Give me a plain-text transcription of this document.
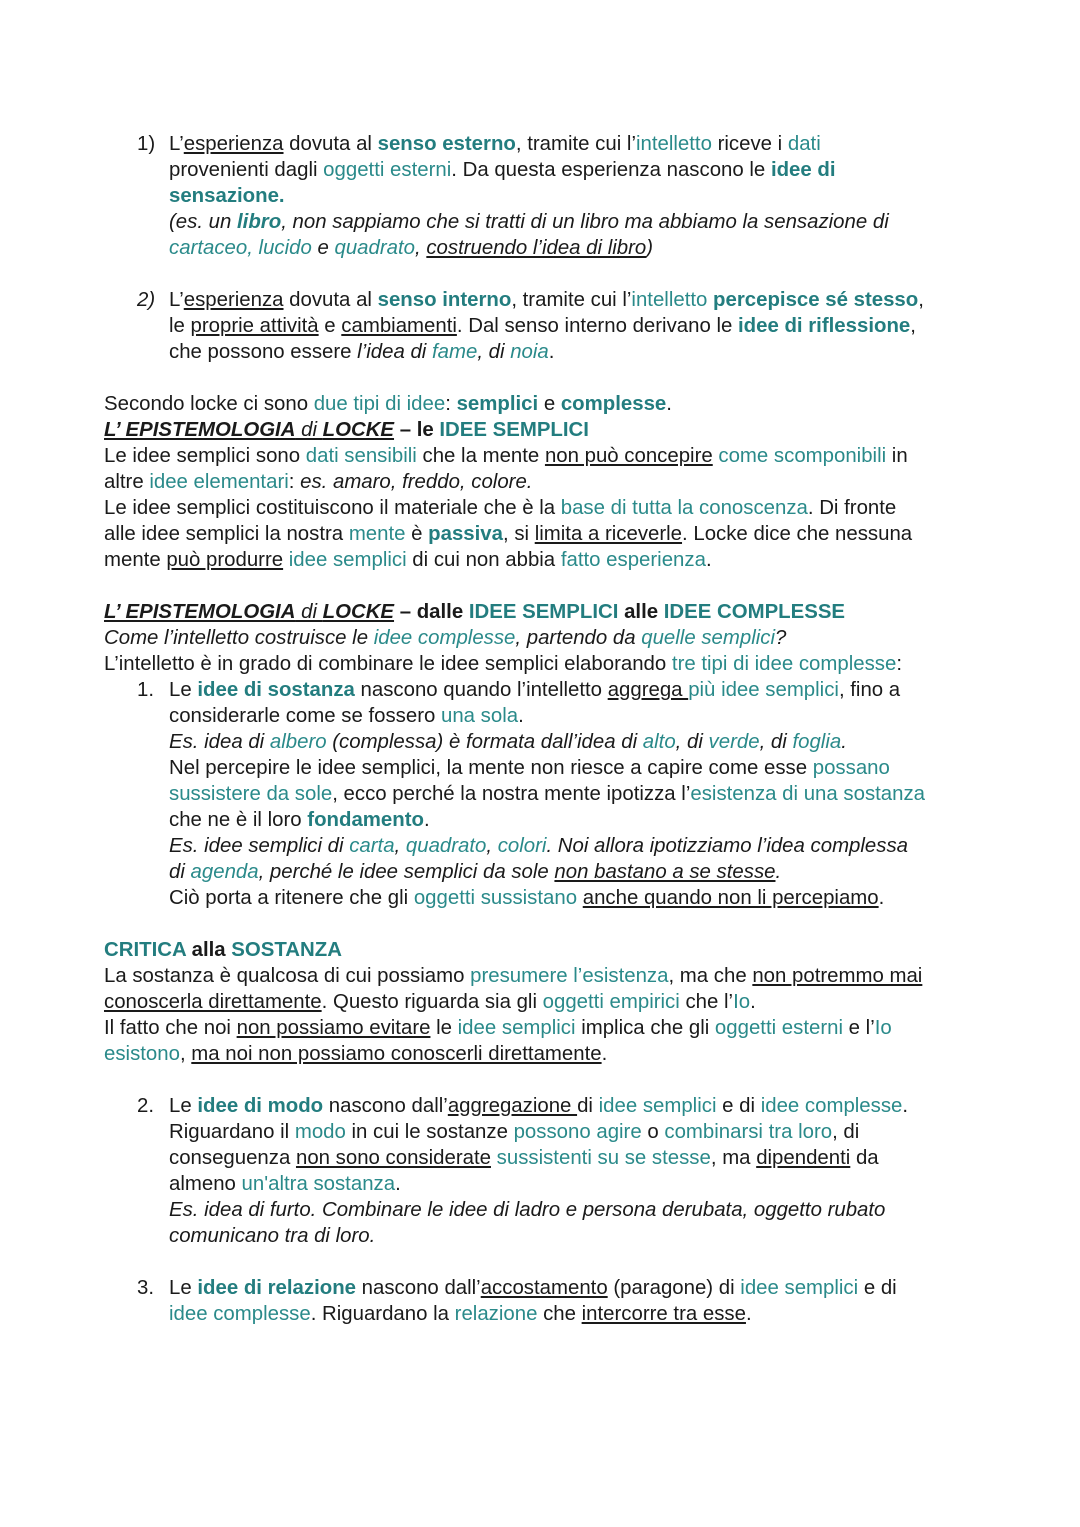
1) L’esperienza dovuta al senso esterno, tramite cui l’intelletto riceve i dati

provenienti dagli oggetti esterni. Da questa esperienza nascono le idee di

sensazione.

(es. un libro, non sappiamo che si tratti di un libro ma abbiamo la sensazione di

cartaceo, lucido e quadrato, costruendo l’idea di libro)

2) L’esperienza dovuta al senso interno, tramite cui l’intelletto percepisce sé stesso,

le proprie attività e cambiamenti. Dal senso interno derivano le idee di riflessione,

che possono essere l’idea di fame, di noia.

Secondo locke ci sono due tipi di idee: semplici e complesse.

L’ EPISTEMOLOGIA di LOCKE – le IDEE SEMPLICI

Le idee semplici sono dati sensibili che la mente non può concepire come scomponibili in

altre idee elementari: es. amaro, freddo, colore.

Le idee semplici costituiscono il materiale che è la base di tutta la conoscenza. Di fronte

alle idee semplici la nostra mente è passiva, si limita a riceverle. Locke dice che nessuna

mente può produrre idee semplici di cui non abbia fatto esperienza.

L’ EPISTEMOLOGIA di LOCKE – dalle IDEE SEMPLICI alle IDEE COMPLESSE

Come l’intelletto costruisce le idee complesse, partendo da quelle semplici?

L’intelletto è in grado di combinare le idee semplici elaborando tre tipi di idee complesse:

1. Le idee di sostanza nascono quando l’intelletto aggrega più idee semplici, fino a

considerarle come se fossero una sola.

Es. idea di albero (complessa) è formata dall’idea di alto, di verde, di foglia.

Nel percepire le idee semplici, la mente non riesce a capire come esse possano

sussistere da sole, ecco perché la nostra mente ipotizza l’esistenza di una sostanza

che ne è il loro fondamento.

Es. idee semplici di carta, quadrato, colori. Noi allora ipotizziamo l’idea complessa

di agenda, perché le idee semplici da sole non bastano a se stesse.

Ciò porta a ritenere che gli oggetti sussistano anche quando non li percepiamo.

CRITICA alla SOSTANZA

La sostanza è qualcosa di cui possiamo presumere l’esistenza, ma che non potremmo mai

conoscerla direttamente. Questo riguarda sia gli oggetti empirici che l’Io.

Il fatto che noi non possiamo evitare le idee semplici implica che gli oggetti esterni e l’Io

esistono, ma noi non possiamo conoscerli direttamente.

2. Le idee di modo nascono dall’aggregazione di idee semplici e di idee complesse.

Riguardano il modo in cui le sostanze possono agire o combinarsi tra loro, di

conseguenza non sono considerate sussistenti su se stesse, ma dipendenti da

almeno un'altra sostanza.

Es. idea di furto. Combinare le idee di ladro e persona derubata, oggetto rubato

comunicano tra di loro.

3. Le idee di relazione nascono dall’accostamento (paragone) di idee semplici e di

idee complesse. Riguardano la relazione che intercorre tra esse.
